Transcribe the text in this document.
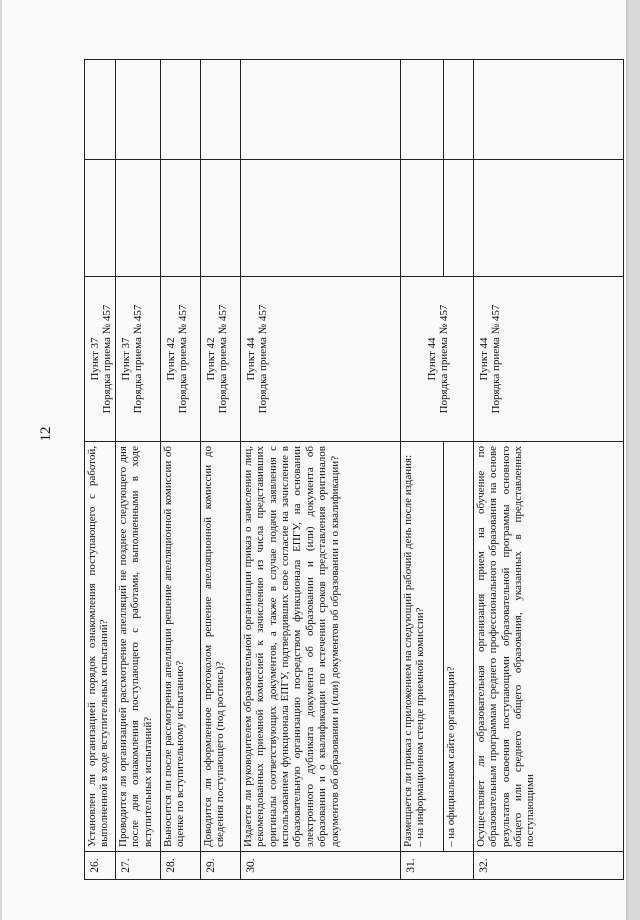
12
26.	Установлен ли организацией порядок ознакомления поступающего с работой, выполненной в ходе вступительных испытаний?	Пункт 37 Порядка приема № 457		

27.	Проводится ли организацией рассмотрение апелляций не позднее следующего дня после дня ознакомления поступающего с работами, выполненными в ходе вступительных испытаний?	Пункт 37 Порядка приема № 457		

28.	Выносится ли после рассмотрения апелляции решение апелляционной комиссии об оценке по вступительному испытанию?	Пункт 42 Порядка приема № 457		

29.	Доводится ли оформленное протоколом решение апелляционной комиссии до сведения поступающего (под роспись)?	Пункт 42 Порядка приема № 457		

30.	Издается ли руководителем образовательной организации приказ о зачислении лиц, рекомендованных приемной комиссией к зачислению из числа представивших оригиналы соответствующих документов, а также в случае подачи заявления с использованием функционала ЕПГУ, подтвердивших свое согласие на зачисление в образовательную организацию посредством функционала ЕПГУ, на основании электронного дубликата документа об образовании и (или) документа об образовании и о квалификации по истечении сроков представления оригиналов документов об образовании и (или) документов об образовании и о квалификации?	Пункт 44 Порядка приема № 457		

31.	Размещается ли приказ с приложением на следующий рабочий день после издания:
– на информационном стенде приемной комиссии?	Пункт 44 Порядка приема № 457		

	– на официальном сайте организации?			
32.	Осуществляет ли образовательная организация прием на обучение по образовательным программам среднего профессионального образования на основе результатов освоения поступающими образовательной программы основного общего или среднего общего образования, указанных в представленных поступающими	Пункт 44 Порядка приема № 457		
